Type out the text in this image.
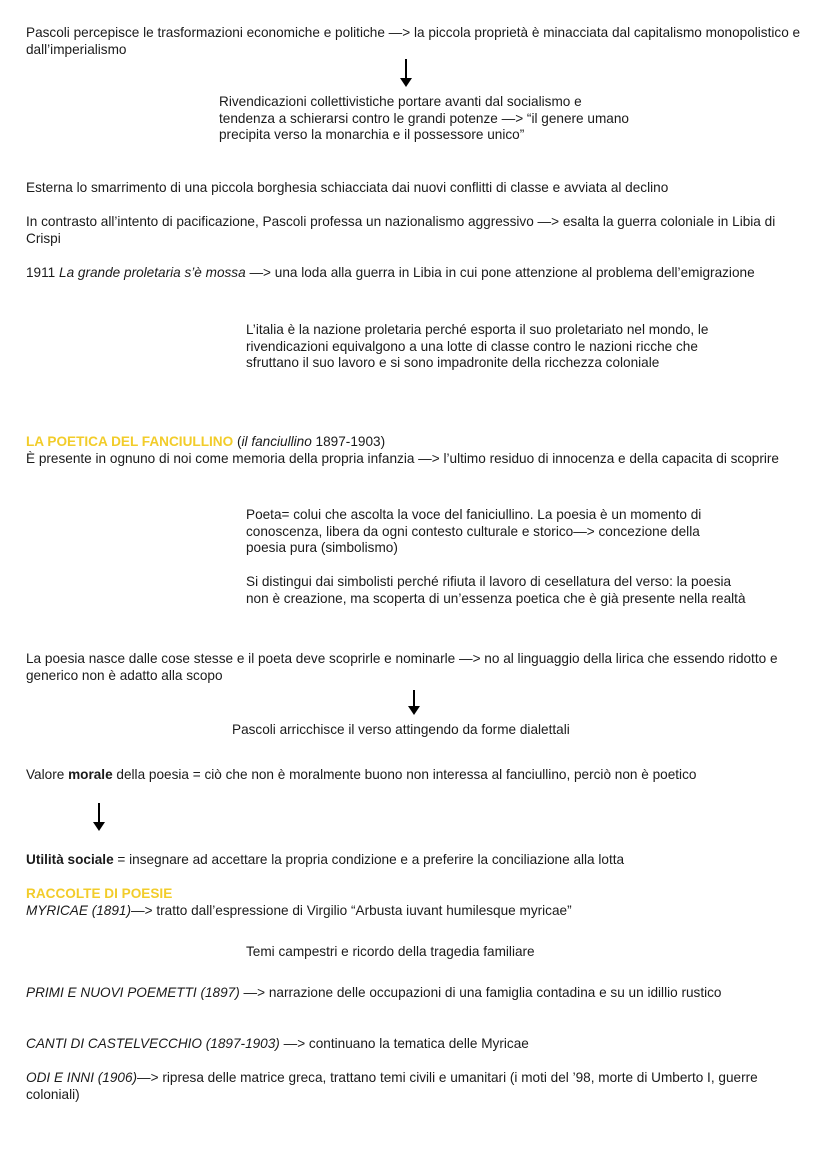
Pascoli percepisce le trasformazioni economiche e politiche —> la piccola proprietà è minacciata dal capitalismo monopolistico e dall’imperialismo

Rivendicazioni collettivistiche portare avanti dal socialismo e tendenza a schierarsi contro le grandi potenze —> “il genere umano precipita verso la monarchia e il possessore unico”

Esterna lo smarrimento di una piccola borghesia schiacciata dai nuovi conflitti di classe e avviata al declino

In contrasto all’intento di pacificazione, Pascoli professa un nazionalismo aggressivo —> esalta la guerra coloniale in Libia di Crispi

1911 La grande proletaria s’è mossa —> una loda alla guerra in Libia in cui pone attenzione al problema dell’emigrazione

L’italia è la nazione proletaria perché esporta il suo proletariato nel mondo, le rivendicazioni equivalgono a una lotte di classe contro le nazioni ricche che sfruttano il suo lavoro e si sono impadronite della ricchezza coloniale

LA POETICA DEL FANCIULLINO (il fanciullino 1897-1903)

È presente in ognuno di noi come memoria della propria infanzia —> l’ultimo residuo di innocenza e della capacita di scoprire

Poeta= colui che ascolta la voce del faniciullino. La poesia è un momento di conoscenza, libera da ogni contesto culturale e storico—> concezione della poesia pura (simbolismo)

Si distingui dai simbolisti perché rifiuta il lavoro di cesellatura del verso: la poesia non è creazione, ma scoperta di un’essenza poetica che è già presente nella realtà

La poesia nasce dalle cose stesse e il poeta deve scoprirle e nominarle —> no al linguaggio della lirica che essendo ridotto e generico non è adatto alla scopo

Pascoli arricchisce il verso attingendo da forme dialettali

Valore morale della poesia = ciò che non è moralmente buono non interessa al fanciullino, perciò non è poetico

Utilità sociale = insegnare ad accettare la propria condizione e a preferire la conciliazione alla lotta

RACCOLTE DI POESIE

MYRICAE (1891)—> tratto dall’espressione di Virgilio “Arbusta iuvant humilesque myricae”

Temi campestri e ricordo della tragedia familiare

PRIMI E NUOVI POEMETTI (1897) —> narrazione delle occupazioni di una famiglia contadina e su un idillio rustico

CANTI DI CASTELVECCHIO (1897-1903) —> continuano la tematica delle Myricae

ODI E INNI (1906)—> ripresa delle matrice greca, trattano temi civili e umanitari (i moti del ’98, morte di Umberto I, guerre coloniali)
